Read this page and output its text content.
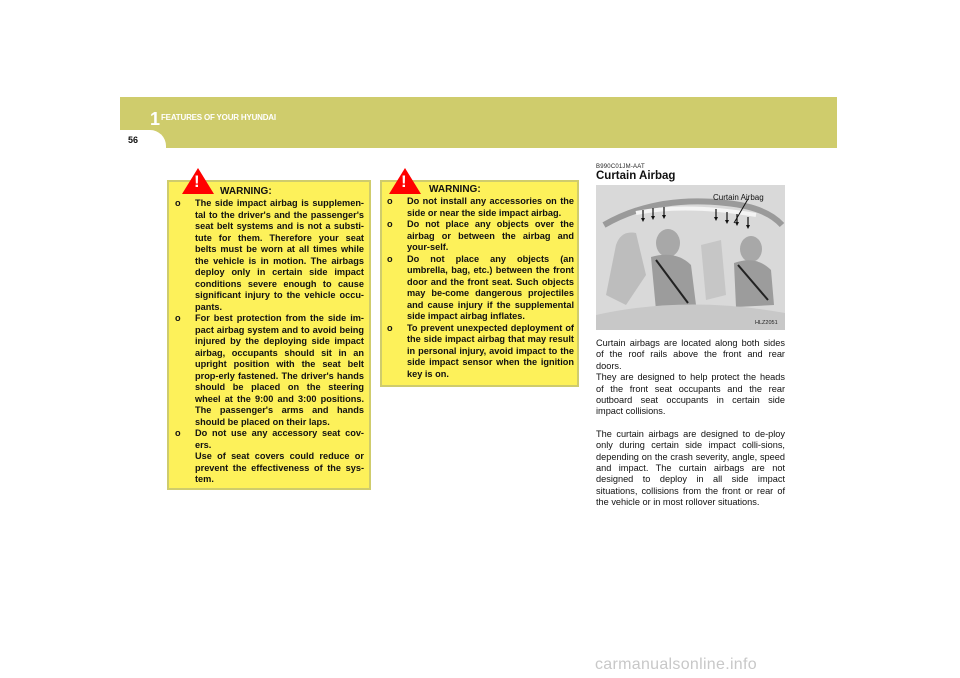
1 FEATURES OF YOUR HYUNDAI
56
!
WARNING:
o The side impact airbag is supplemen-tal to the driver's and the passenger's seat belt systems and is not a substi-tute for them. Therefore your seat belts must be worn at all times while the vehicle is in motion. The airbags deploy only in certain side impact conditions severe enough to cause significant injury to the vehicle occu-pants.

o For best protection from the side im-pact airbag system and to avoid being injured by the deploying side impact airbag, occupants should sit in an upright position with the seat belt prop-erly fastened. The driver's hands should be placed on the steering wheel at the 9:00 and 3:00 positions. The passenger's arms and hands should be placed on their laps.

o Do not use any accessory seat cov-ers.

Use of seat covers could reduce or prevent the effectiveness of the sys-tem.

! WARNING:
o Do not install any accessories on the side or near the side impact airbag.

o Do not place any objects over the airbag or between the airbag and your-self.

o Do not place any objects (an umbrella, bag, etc.) between the front door and the front seat. Such objects may be-come dangerous projectiles and cause injury if the supplemental side impact airbag inflates.

o To prevent unexpected deployment of the side impact airbag that may result in personal injury, avoid impact to the side impact sensor when the ignition key is on.

B990C01JM-AAT
Curtain Airbag
Curtain Airbag
HLZ2051

Curtain airbags are located along both sides of the roof rails above the front and rear doors.

They are designed to help protect the heads of the front seat occupants and the rear outboard seat occupants in certain side impact collisions.

The curtain airbags are designed to de-ploy only during certain side impact colli-sions, depending on the crash severity, angle, speed and impact. The curtain airbags are not designed to deploy in all side impact situations, collisions from the front or rear of the vehicle or in most rollover situations.

carmanualsonline.info
